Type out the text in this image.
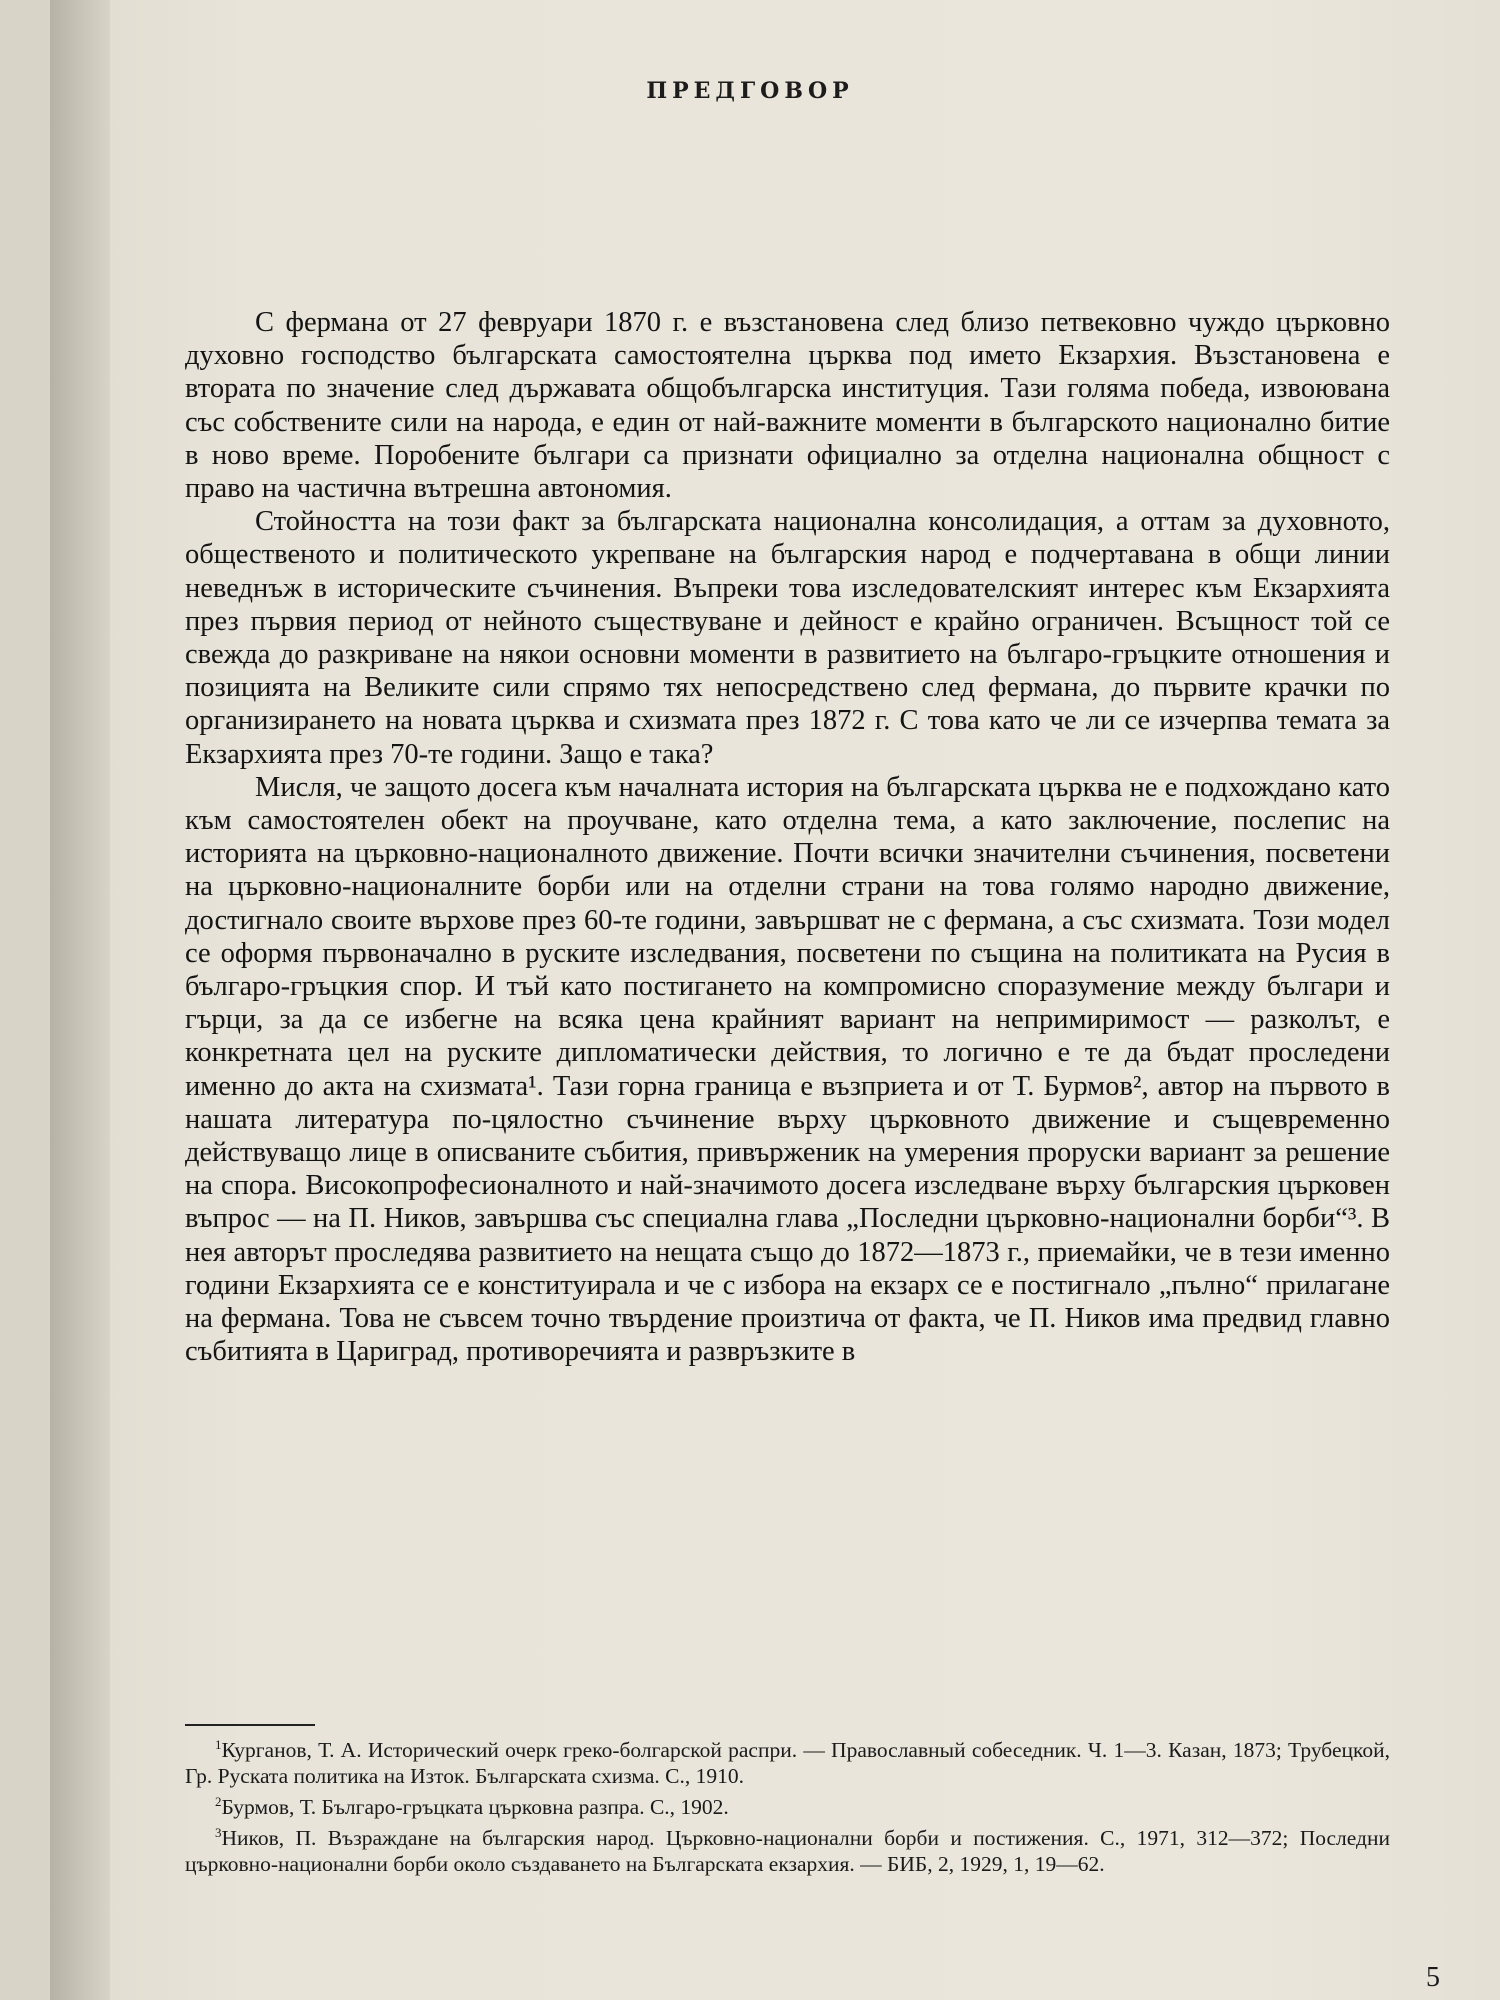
ПРЕДГОВОР

С фермана от 27 февруари 1870 г. е възстановена след близо петвековно чуждо църковно духовно господство българската самостоятелна църква под името Екзархия. Възстановена е втората по значение след държавата общобългарска институция. Тази голяма победа, извоювана със собствените сили на народа, е един от най-важните моменти в българското национално битие в ново време. Поробените българи са признати официално за отделна национална общност с право на частична вътрешна автономия.

Стойността на този факт за българската национална консолидация, а оттам за духовното, общественото и политическото укрепване на българския народ е подчертавана в общи линии неведнъж в историческите съчинения. Въпреки това изследователският интерес към Екзархията през първия период от нейното съществуване и дейност е крайно ограничен. Всъщност той се свежда до разкриване на някои основни моменти в развитието на българо-гръцките отношения и позицията на Великите сили спрямо тях непосредствено след фермана, до първите крачки по организирането на новата църква и схизмата през 1872 г. С това като че ли се изчерпва темата за Екзархията през 70-те години. Защо е така?

Мисля, че защото досега към началната история на българската църква не е подхождано като към самостоятелен обект на проучване, като отделна тема, а като заключение, послепис на историята на църковно-националното движение. Почти всички значителни съчинения, посветени на църковно-националните борби или на отделни страни на това голямо народно движение, достигнало своите върхове през 60-те години, завършват не с фермана, а със схизмата. Този модел се оформя първоначално в руските изследвания, посветени по същина на политиката на Русия в българо-гръцкия спор. И тъй като постигането на компромисно споразумение между българи и гърци, за да се избегне на всяка цена крайният вариант на непримиримост — разколът, е конкретната цел на руските дипломатически действия, то логично е те да бъдат проследени именно до акта на схизмата¹. Тази горна граница е възприета и от Т. Бурмов², автор на първото в нашата литература по-цялостно съчинение върху църковното движение и същевременно действуващо лице в описваните събития, привърженик на умерения проруски вариант за решение на спора. Високопрофесионалното и най-значимото досега изследване върху българския църковен въпрос — на П. Ников, завършва със специална глава „Последни църковно-национални борби“³. В нея авторът проследява развитието на нещата също до 1872—1873 г., приемайки, че в тези именно години Екзархията се е конституирала и че с избора на екзарх се е постигнало „пълно“ прилагане на фермана. Това не съвсем точно твърдение произтича от факта, че П. Ников има предвид главно събитията в Цариград, противоречията и развръзките в

$^1$Курганов, Т. А. Исторический очерк греко-болгарской распри. — Православный собеседник. Ч. 1—3. Казан, 1873; Трубецкой, Гр. Руската политика на Изток. Българската схизма. С., 1910.

$^2$Бурмов, Т. Българо-гръцката църковна разпра. С., 1902.

$^3$Ников, П. Възраждане на българския народ. Църковно-национални борби и постижения. С., 1971, 312—372; Последни църковно-национални борби около създаването на Българската екзархия. — БИБ, 2, 1929, 1, 19—62.

5
